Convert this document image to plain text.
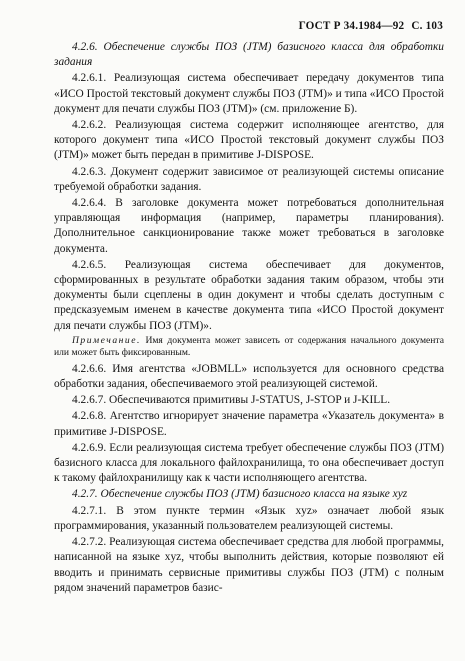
ГОСТ Р 34.1984—92 С. 103

4.2.6. Обеспечение службы ПОЗ (JTM) базисного класса для обработки задания

4.2.6.1. Реализующая система обеспечивает передачу документов типа «ИСО Простой текстовый документ службы ПОЗ (JTM)» и типа «ИСО Простой документ для печати службы ПОЗ (JTM)» (см. приложение Б).

4.2.6.2. Реализующая система содержит исполняющее агентство, для которого документ типа «ИСО Простой текстовый документ службы ПОЗ (JTM)» может быть передан в примитиве J-DISPOSE.

4.2.6.3. Документ содержит зависимое от реализующей системы описание требуемой обработки задания.

4.2.6.4. В заголовке документа может потребоваться дополнительная управляющая информация (например, параметры планирования). Дополнительное санкционирование также может требоваться в заголовке документа.

4.2.6.5. Реализующая система обеспечивает для документов, сформированных в результате обработки задания таким образом, чтобы эти документы были сцеплены в один документ и чтобы сделать доступным с предсказуемым именем в качестве документа типа «ИСО Простой документ для печати службы ПОЗ (JTM)».

Примечание. Имя документа может зависеть от содержания начального документа или может быть фиксированным.

4.2.6.6. Имя агентства «JOBMLL» используется для основного средства обработки задания, обеспечиваемого этой реализующей системой.

4.2.6.7. Обеспечиваются примитивы J-STATUS, J-STOP и J-KILL.

4.2.6.8. Агентство игнорирует значение параметра «Указатель документа» в примитиве J-DISPOSE.

4.2.6.9. Если реализующая система требует обеспечение службы ПОЗ (JTM) базисного класса для локального файлохранилища, то она обеспечивает доступ к такому файлохранилищу как к части исполняющего агентства.

4.2.7. Обеспечение службы ПОЗ (JTM) базисного класса на языке xyz

4.2.7.1. В этом пункте термин «Язык xyz» означает любой язык программирования, указанный пользователем реализующей системы.

4.2.7.2. Реализующая система обеспечивает средства для любой программы, написанной на языке xyz, чтобы выполнить действия, которые позволяют ей вводить и принимать сервисные примитивы службы ПОЗ (JTM) с полным рядом значений параметров базис-
